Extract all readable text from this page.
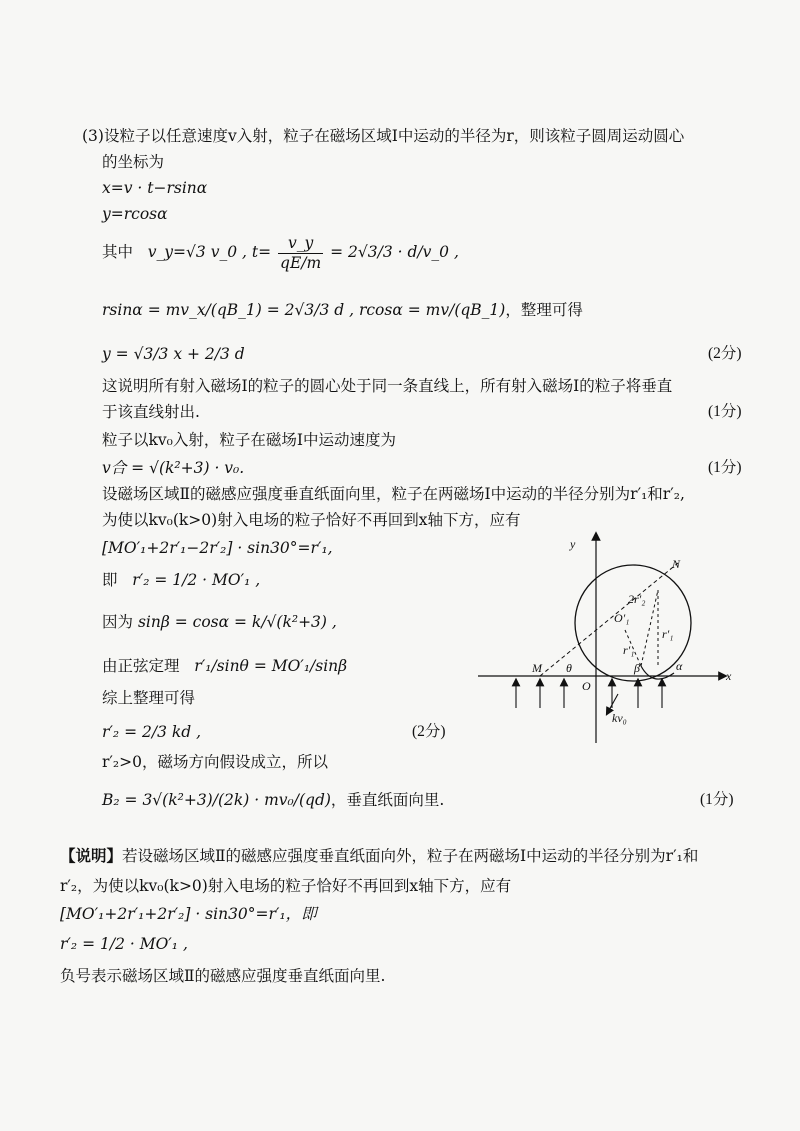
(3)设粒子以任意速度v入射，粒子在磁场区域Ⅰ中运动的半径为r，则该粒子圆周运动圆心
的坐标为
x=v · t−rsinα
y=rcosα
其中 v_y=√3 v_0 , $t= \frac{v\_y}{qE/m} = 2√3/3$ · d/v_0 ,
rsinα = mv_x/(qB_1) = 2√3/3 d , rcosα = mv/(qB_1)，整理可得
y = √3/3 x + 2/3 d	(2分)
这说明所有射入磁场Ⅰ的粒子的圆心处于同一条直线上，所有射入磁场Ⅰ的粒子将垂直
于该直线射出.	(1分)
粒子以kv₀入射，粒子在磁场Ⅰ中运动速度为
v合 = √(k²+3) · v₀.	(1分)
设磁场区域Ⅱ的磁感应强度垂直纸面向里，粒子在两磁场Ⅰ中运动的半径分别为r′₁和r′₂,
为使以kv₀(k>0)射入电场的粒子恰好不再回到x轴下方，应有
[MO′₁+2r′₁−2r′₂] · sin30°=r′₁,
即 r′₂ = 1/2 · MO′₁ ,
因为 sinβ = cosα = k/√(k²+3) ,
由正弦定理 r′₁/sinθ = MO′₁/sinβ
综上整理可得
r′₂ = 2/3 kd ,	(2分)
r′₂>0，磁场方向假设成立，所以
B₂ = 3√(k²+3)/(2k) · mv₀/(qd)，垂直纸面向里.	(1分)
【说明】若设磁场区域Ⅱ的磁感应强度垂直纸面向外，粒子在两磁场Ⅰ中运动的半径分别为r′₁和
r′₂，为使以kv₀(k>0)射入电场的粒子恰好不再回到x轴下方，应有
[MO′₁+2r′₁+2r′₂] · sin30°=r′₁，即
r′₂ = 1/2 · MO′₁ ,
负号表示磁场区域Ⅱ的磁感应强度垂直纸面向里.
x
y
N
O
M
O′₁
r′₁
r′₁
2r′₂
θ	β	α
kv₀
